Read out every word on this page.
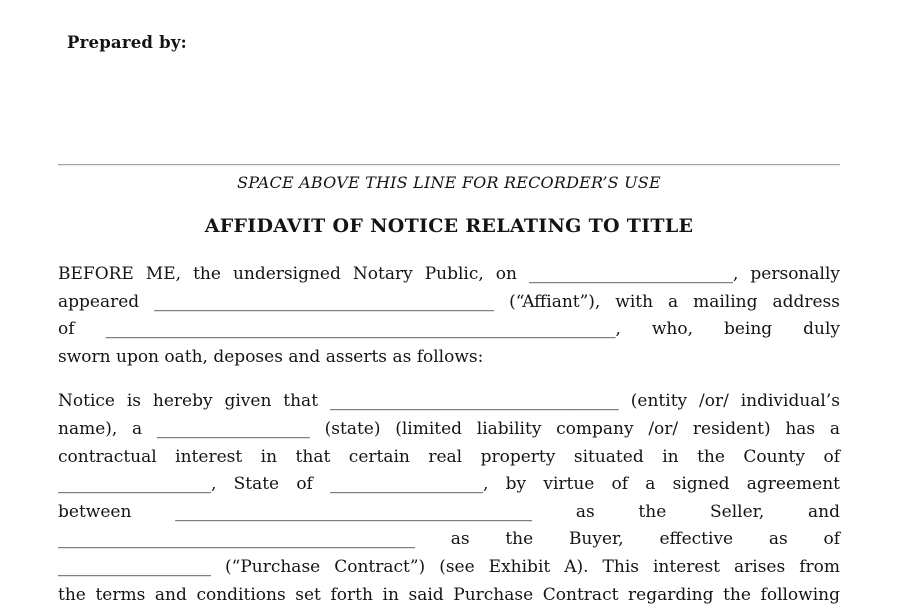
Prepared by:
SPACE ABOVE THIS LINE FOR RECORDER’S USE
AFFIDAVIT OF NOTICE RELATING TO TITLE
BEFORE ME, the undersigned Notary Public, on ________________________, personally
appeared ________________________________________ (“Affiant”), with a mailing address
of ____________________________________________________________, who, being duly
sworn upon oath, deposes and asserts as follows:
Notice is hereby given that __________________________________ (entity /or/ individual’s
name), a __________________ (state) (limited liability company /or/ resident) has a
contractual interest in that certain real property situated in the County of
__________________, State of __________________, by virtue of a signed agreement
between __________________________________________ as the Seller, and
__________________________________________ as the Buyer, effective as of
__________________ (“Purchase Contract”) (see Exhibit A). This interest arises from
the terms and conditions set forth in said Purchase Contract regarding the following
